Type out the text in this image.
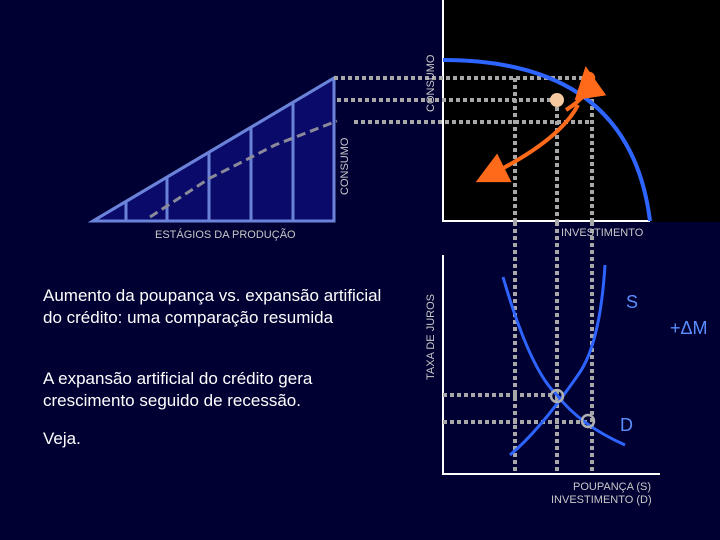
ESTÁGIOS DA PRODUÇÃO	INVESTIMENTO
CONSUMO
CONSUMO
TAXA DE JUROS	S
D
+ΔM
POUPANÇA (S)
INVESTIMENTO (D)
Aumento da poupança vs. expansão artificial do crédito: uma comparação resumida
A expansão artificial do crédito gera crescimento seguido de recessão.
Veja.
